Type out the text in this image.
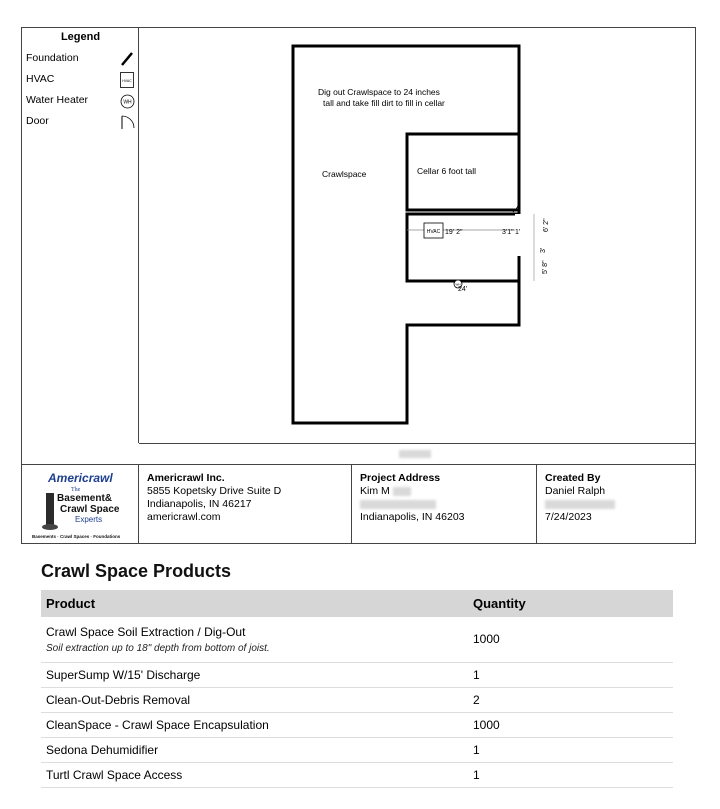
Legend
Foundation
HVAC	HVAC
Water Heater	WH
Door
HVAC
WH
Dig out Crawlspace to 24 inches
tall and take fill dirt to fill in cellar
Crawlspace	Cellar 6 foot tall
19' 2"	3'1" 1'
6' 2"
3'
5' 8"
24'
Americrawl
The
Basement&
Crawl Space
Experts
Basements · Crawl Spaces · Foundations
Americrawl Inc.
5855 Kopetsky Drive Suite D
Indianapolis, IN 46217
americrawl.com
Project Address
Kim M
Indianapolis, IN 46203
Created By
Daniel Ralph
7/24/2023
Crawl Space Products
Product	Quantity
Crawl Space Soil Extraction / Dig-Out
Soil extraction up to 18" depth from bottom of joist.	1000
SuperSump W/15' Discharge	1
Clean-Out-Debris Removal	2
CleanSpace - Crawl Space Encapsulation	1000
Sedona Dehumidifier	1
Turtl Crawl Space Access	1
